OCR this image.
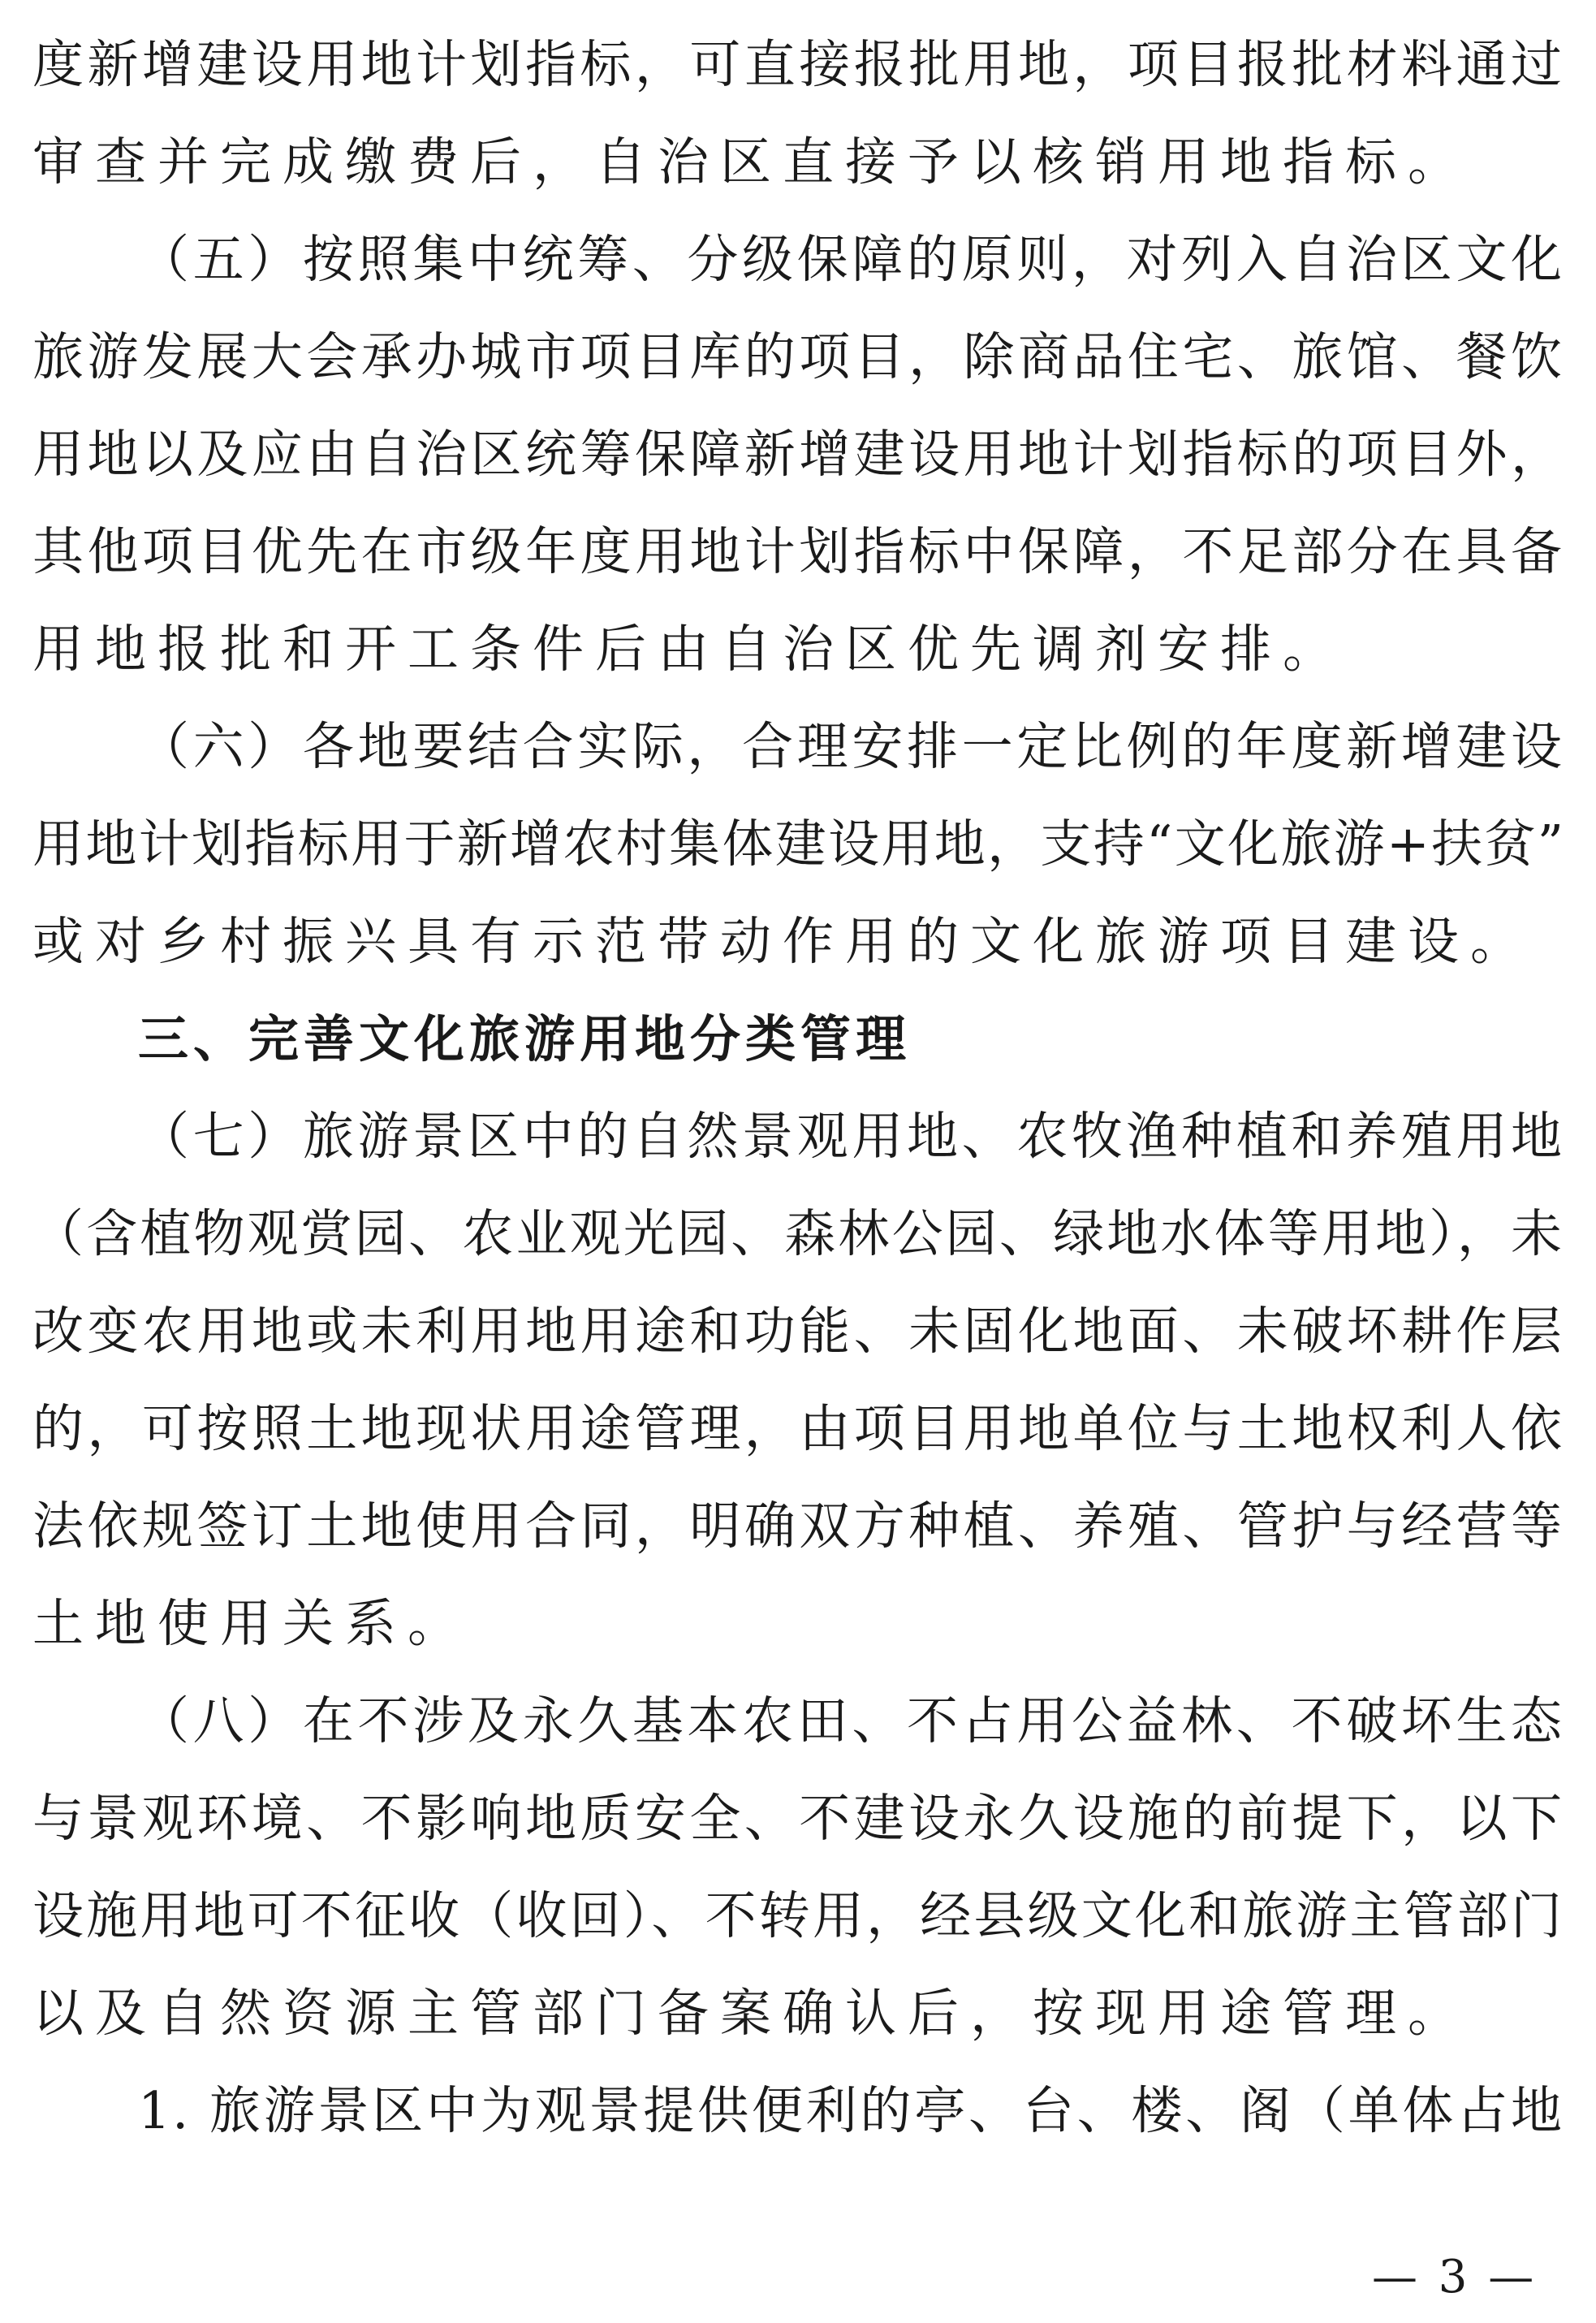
度新增建设用地计划指标，可直接报批用地，项目报批材料通过
审查并完成缴费后，自治区直接予以核销用地指标。
（五）按照集中统筹、分级保障的原则，对列入自治区文化
旅游发展大会承办城市项目库的项目，除商品住宅、旅馆、餐饮
用地以及应由自治区统筹保障新增建设用地计划指标的项目外，
其他项目优先在市级年度用地计划指标中保障，不足部分在具备
用地报批和开工条件后由自治区优先调剂安排。
（六）各地要结合实际，合理安排一定比例的年度新增建设
用地计划指标用于新增农村集体建设用地，支持“文化旅游+扶贫”
或对乡村振兴具有示范带动作用的文化旅游项目建设。
三、完善文化旅游用地分类管理
（七）旅游景区中的自然景观用地、农牧渔种植和养殖用地
（含植物观赏园、农业观光园、森林公园、绿地水体等用地），未
改变农用地或未利用地用途和功能、未固化地面、未破坏耕作层
的，可按照土地现状用途管理，由项目用地单位与土地权利人依
法依规签订土地使用合同，明确双方种植、养殖、管护与经营等
土地使用关系。
（八）在不涉及永久基本农田、不占用公益林、不破坏生态
与景观环境、不影响地质安全、不建设永久设施的前提下，以下
设施用地可不征收（收回）、不转用，经县级文化和旅游主管部门
以及自然资源主管部门备案确认后，按现用途管理。
1. 旅游景区中为观景提供便利的亭、台、楼、阁（单体占地
— 3 —
